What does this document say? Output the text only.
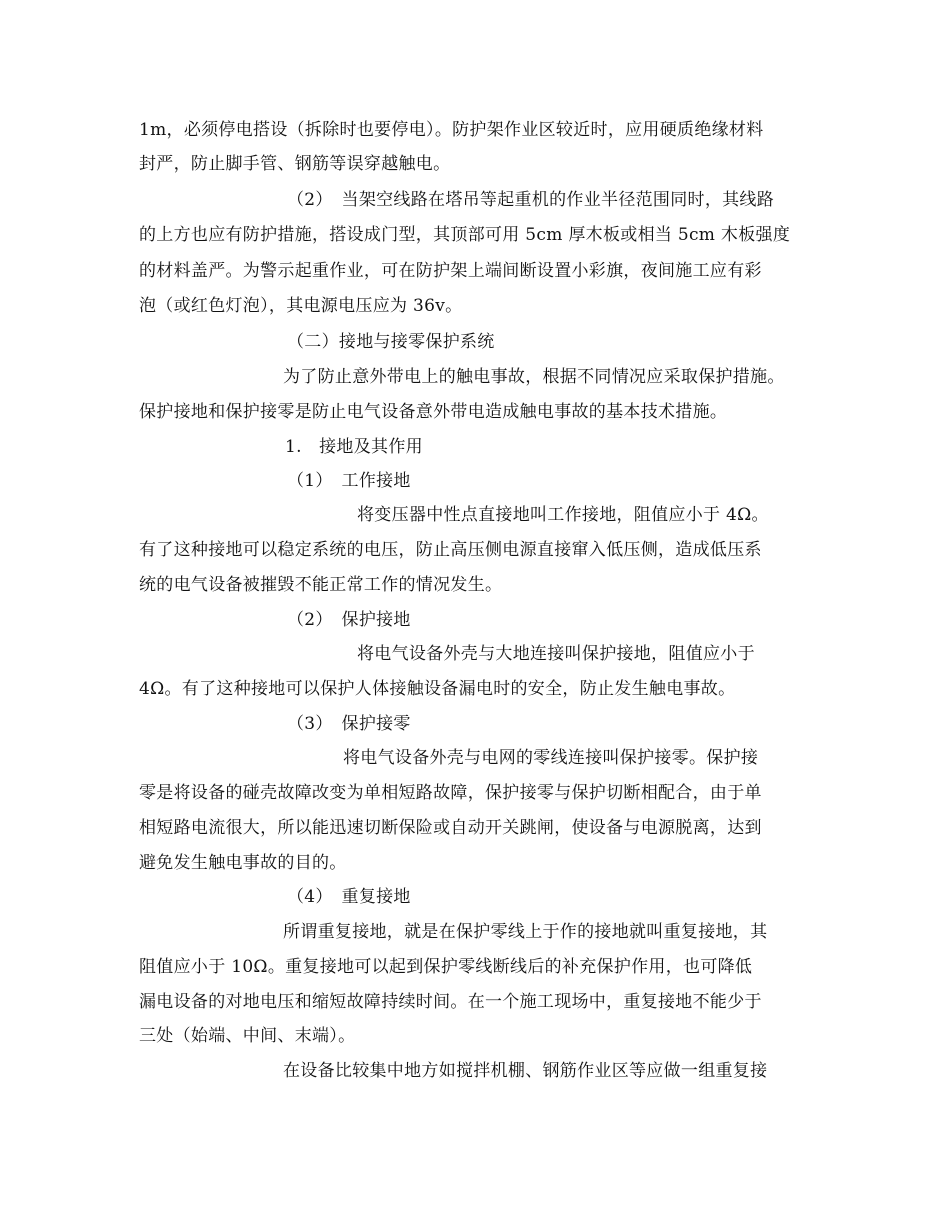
1m，必须停电搭设（拆除时也要停电）。防护架作业区较近时，应用硬质绝缘材料
封严，防止脚手管、钢筋等误穿越触电。
（2）　当架空线路在塔吊等起重机的作业半径范围同时，其线路
的上方也应有防护措施，搭设成门型，其顶部可用 5cm 厚木板或相当 5cm 木板强度
的材料盖严。为警示起重作业，可在防护架上端间断设置小彩旗，夜间施工应有彩
泡（或红色灯泡），其电源电压应为 36v。
（二）接地与接零保护系统
为了防止意外带电上的触电事故，根据不同情况应采取保护措施。
保护接地和保护接零是防止电气设备意外带电造成触电事故的基本技术措施。
1.　接地及其作用
（1）　工作接地
将变压器中性点直接地叫工作接地，阻值应小于 4Ω。
有了这种接地可以稳定系统的电压，防止高压侧电源直接窜入低压侧，造成低压系
统的电气设备被摧毁不能正常工作的情况发生。
（2）　保护接地
将电气设备外壳与大地连接叫保护接地，阻值应小于
4Ω。有了这种接地可以保护人体接触设备漏电时的安全，防止发生触电事故。
（3）　保护接零
将电气设备外壳与电网的零线连接叫保护接零。保护接
零是将设备的碰壳故障改变为单相短路故障，保护接零与保护切断相配合，由于单
相短路电流很大，所以能迅速切断保险或自动开关跳闸，使设备与电源脱离，达到
避免发生触电事故的目的。
（4）　重复接地
所谓重复接地，就是在保护零线上于作的接地就叫重复接地，其
阻值应小于 10Ω。重复接地可以起到保护零线断线后的补充保护作用，也可降低
漏电设备的对地电压和缩短故障持续时间。在一个施工现场中，重复接地不能少于
三处（始端、中间、末端）。
在设备比较集中地方如搅拌机棚、钢筋作业区等应做一组重复接
